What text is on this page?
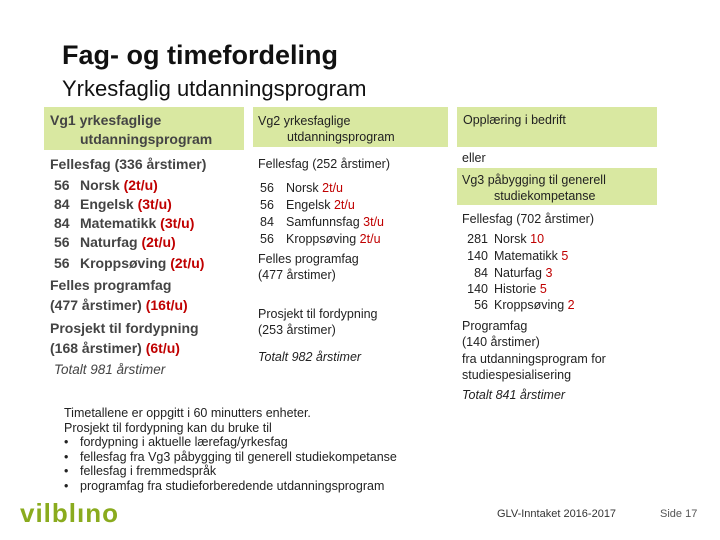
Fag- og timefordeling
Yrkesfaglig utdanningsprogram
Vg1 yrkesfaglige
utdanningsprogram
Fellesfag (336 årstimer)
56 Norsk (2t/u)
84 Engelsk (3t/u)
84 Matematikk (3t/u)
56 Naturfag (2t/u)
56 Kroppsøving (2t/u)
Felles programfag
(477 årstimer) (16t/u)
Prosjekt til fordypning
(168 årstimer) (6t/u)
Totalt 981 årstimer
Vg2 yrkesfaglige
utdanningsprogram
Fellesfag (252 årstimer)
56 Norsk 2t/u
56 Engelsk 2t/u
84 Samfunnsfag 3t/u
56 Kroppsøving 2t/u
Felles programfag
(477 årstimer)
Prosjekt til fordypning
(253 årstimer)
Totalt 982 årstimer
Opplæring i bedrift
eller
Vg3 påbygging til generell
studiekompetanse
Fellesfag (702 årstimer)
281 Norsk 10
140 Matematikk 5
84 Naturfag 3
140 Historie 5
56 Kroppsøving 2
Programfag
(140 årstimer)
fra utdanningsprogram for
studiespesialisering
Totalt 841 årstimer
Timetallene er oppgitt i 60 minutters enheter.
Prosjekt til fordypning kan du bruke til
• fordypning i aktuelle lærefag/yrkesfag
• fellesfag fra Vg3 påbygging til generell studiekompetanse
• fellesfag i fremmedspråk
• programfag fra studieforberedende utdanningsprogram
vilblıno	GLV-Inntaket 2016-2017	Side 17
